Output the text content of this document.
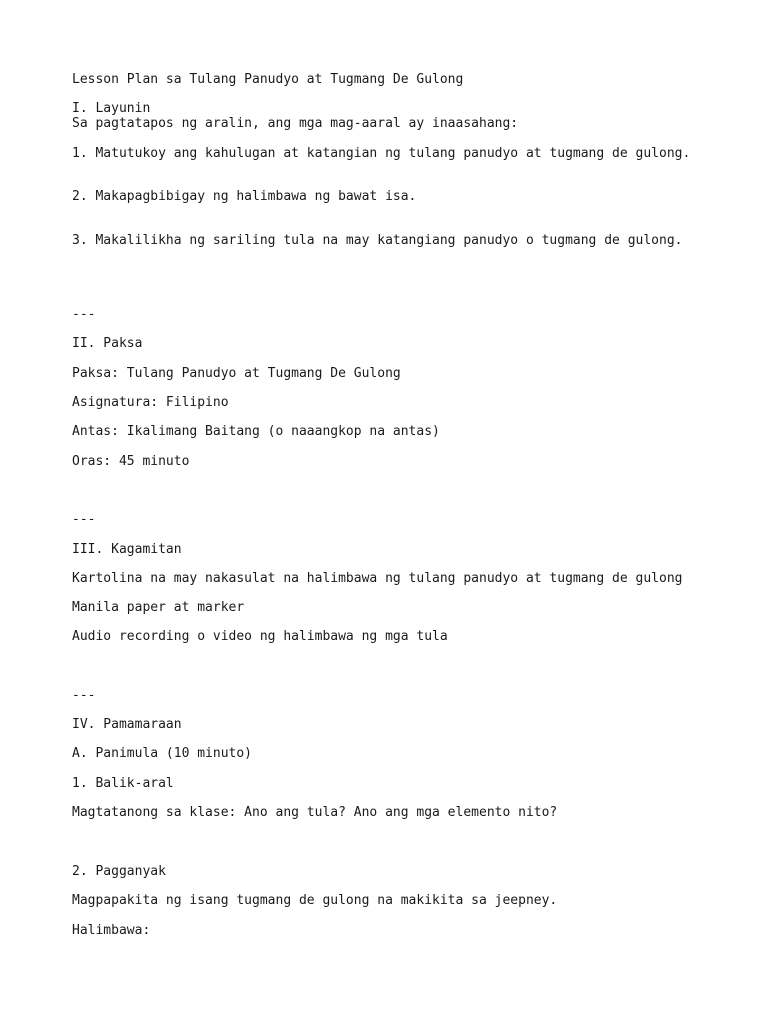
Lesson Plan sa Tulang Panudyo at Tugmang De Gulong
I. Layunin
Sa pagtatapos ng aralin, ang mga mag-aaral ay inaasahang:
1. Matutukoy ang kahulugan at katangian ng tulang panudyo at tugmang de gulong.
2. Makapagbibigay ng halimbawa ng bawat isa.
3. Makalilikha ng sariling tula na may katangiang panudyo o tugmang de gulong.
---
II. Paksa
Paksa: Tulang Panudyo at Tugmang De Gulong
Asignatura: Filipino
Antas: Ikalimang Baitang (o naaangkop na antas)
Oras: 45 minuto
---
III. Kagamitan
Kartolina na may nakasulat na halimbawa ng tulang panudyo at tugmang de gulong
Manila paper at marker
Audio recording o video ng halimbawa ng mga tula
---
IV. Pamamaraan
A. Panimula (10 minuto)
1. Balik-aral
Magtatanong sa klase: Ano ang tula? Ano ang mga elemento nito?
2. Pagganyak
Magpapakita ng isang tugmang de gulong na makikita sa jeepney.
Halimbawa:
